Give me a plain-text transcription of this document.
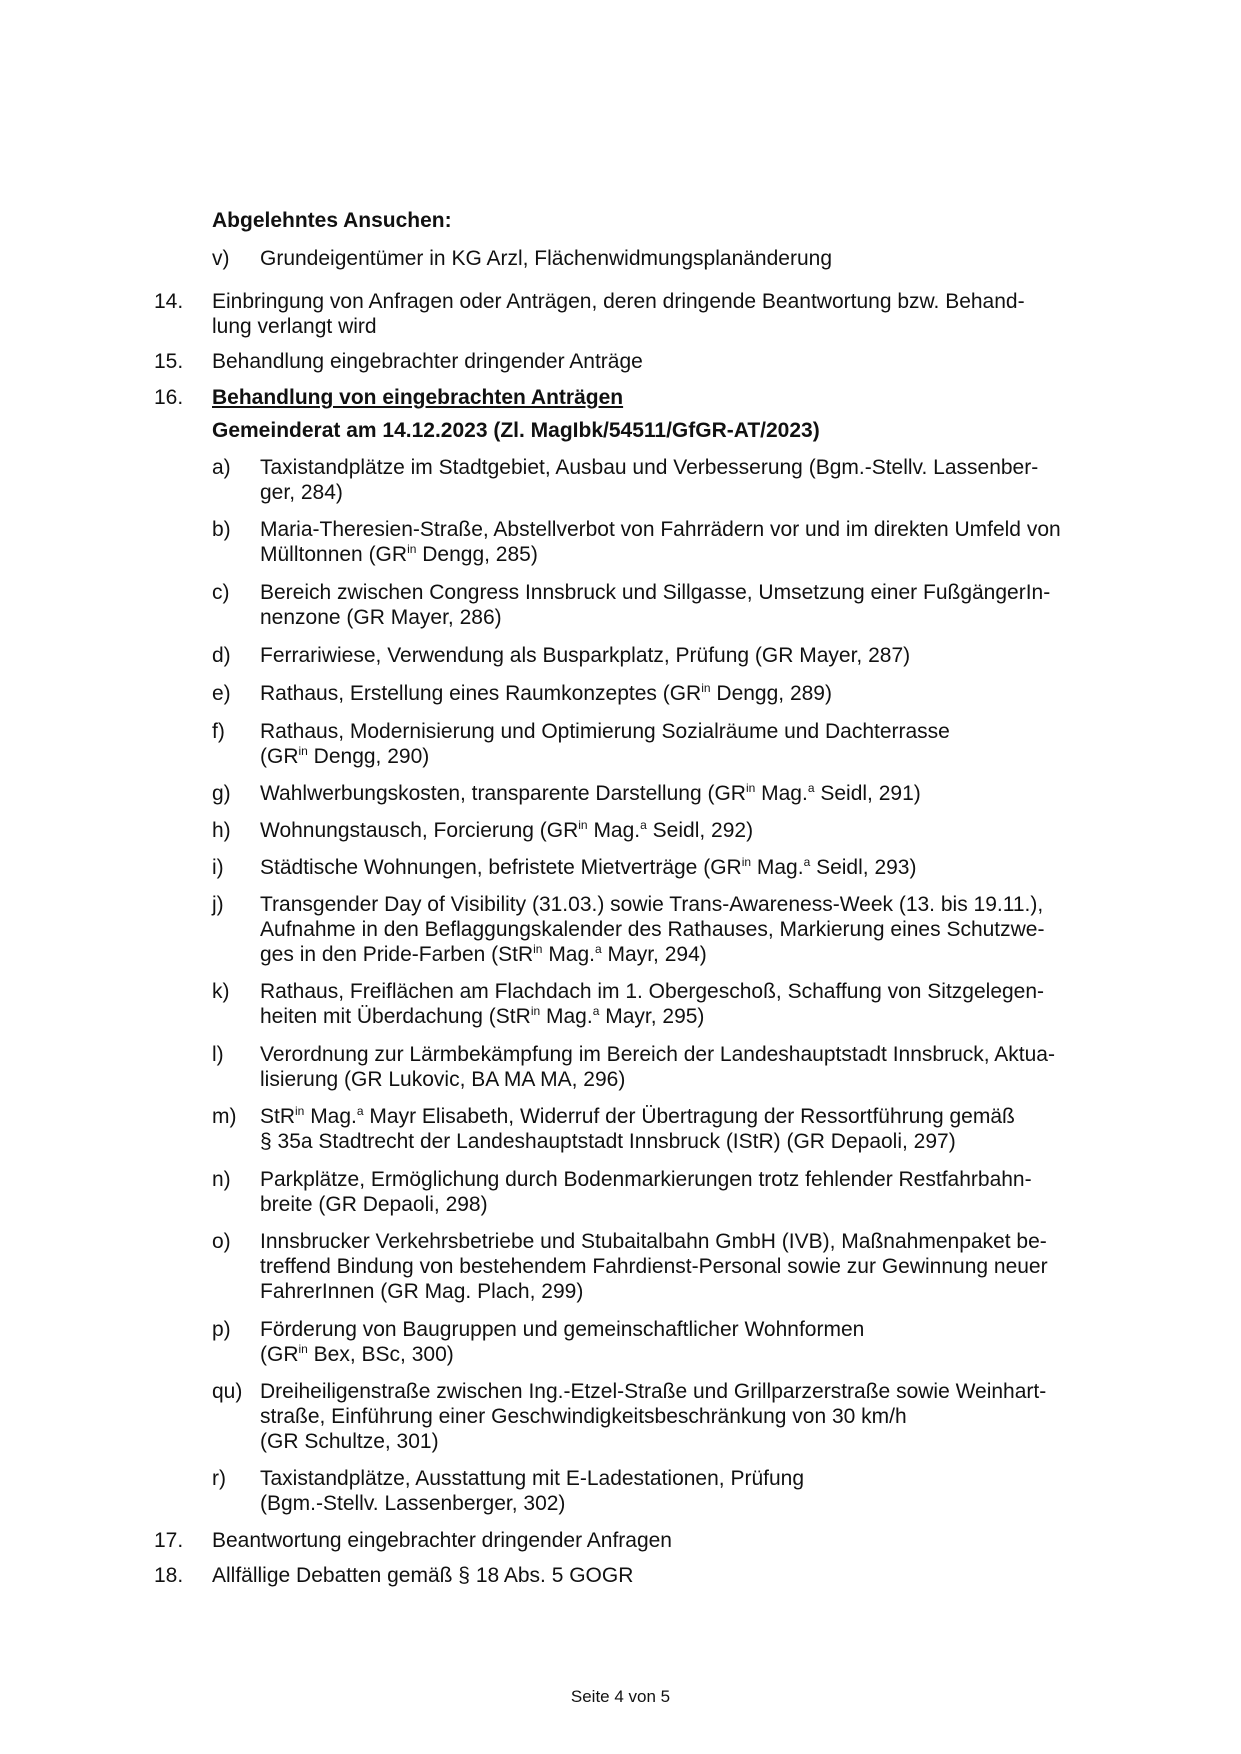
Abgelehntes Ansuchen:
v)	Grundeigentümer in KG Arzl, Flächenwidmungsplanänderung
14.	Einbringung von Anfragen oder Anträgen, deren dringende Beantwortung bzw. Behand-
lung verlangt wird
15.	Behandlung eingebrachter dringender Anträge
16.	Behandlung von eingebrachten Anträgen
Gemeinderat am 14.12.2023 (Zl. MagIbk/54511/GfGR-AT/2023)
a)	Taxistandplätze im Stadtgebiet, Ausbau und Verbesserung (Bgm.-Stellv. Lassenber-
ger, 284)
b)	Maria-Theresien-Straße, Abstellverbot von Fahrrädern vor und im direkten Umfeld von
Mülltonnen ($GR^{in}$ Dengg, 285)
c)	Bereich zwischen Congress Innsbruck und Sillgasse, Umsetzung einer FußgängerIn-
nenzone (GR Mayer, 286)
d)	Ferrariwiese, Verwendung als Busparkplatz, Prüfung (GR Mayer, 287)
e)	Rathaus, Erstellung eines Raumkonzeptes ($GR^{in}$ Dengg, 289)
f)	Rathaus, Modernisierung und Optimierung Sozialräume und Dachterrasse
($GR^{in}$ Dengg, 290)
g)	Wahlwerbungskosten, transparente Darstellung ($GR^{in}$ Mag.$^a$ Seidl, 291)
h)	Wohnungstausch, Forcierung ($GR^{in}$ Mag.$^a$ Seidl, 292)
i)	Städtische Wohnungen, befristete Mietverträge ($GR^{in}$ Mag.$^a$ Seidl, 293)
j)	Transgender Day of Visibility (31.03.) sowie Trans-Awareness-Week (13. bis 19.11.),
Aufnahme in den Beflaggungskalender des Rathauses, Markierung eines Schutzwe-
ges in den Pride-Farben (StR$^{in}$ Mag.$^a$ Mayr, 294)
k)	Rathaus, Freiflächen am Flachdach im 1. Obergeschoß, Schaffung von Sitzgelegen-
heiten mit Überdachung (StR$^{in}$ Mag.$^a$ Mayr, 295)
l)	Verordnung zur Lärmbekämpfung im Bereich der Landeshauptstadt Innsbruck, Aktua-
lisierung (GR Lukovic, BA MA MA, 296)
m)	StR$^{in}$ Mag.$^a$ Mayr Elisabeth, Widerruf der Übertragung der Ressortführung gemäß
§ 35a Stadtrecht der Landeshauptstadt Innsbruck (IStR) (GR Depaoli, 297)
n)	Parkplätze, Ermöglichung durch Bodenmarkierungen trotz fehlender Restfahrbahn-
breite (GR Depaoli, 298)
o)	Innsbrucker Verkehrsbetriebe und Stubaitalbahn GmbH (IVB), Maßnahmenpaket be-
treffend Bindung von bestehendem Fahrdienst-Personal sowie zur Gewinnung neuer
FahrerInnen (GR Mag. Plach, 299)
p)	Förderung von Baugruppen und gemeinschaftlicher Wohnformen
($GR^{in}$ Bex, BSc, 300)
qu) Dreiheiligenstraße zwischen Ing.-Etzel-Straße und Grillparzerstraße sowie Weinhart-
straße, Einführung einer Geschwindigkeitsbeschränkung von 30 km/h
(GR Schultze, 301)
r)	Taxistandplätze, Ausstattung mit E-Ladestationen, Prüfung
(Bgm.-Stellv. Lassenberger, 302)
17.	Beantwortung eingebrachter dringender Anfragen
18.	Allfällige Debatten gemäß § 18 Abs. 5 GOGR
Seite 4 von 5
